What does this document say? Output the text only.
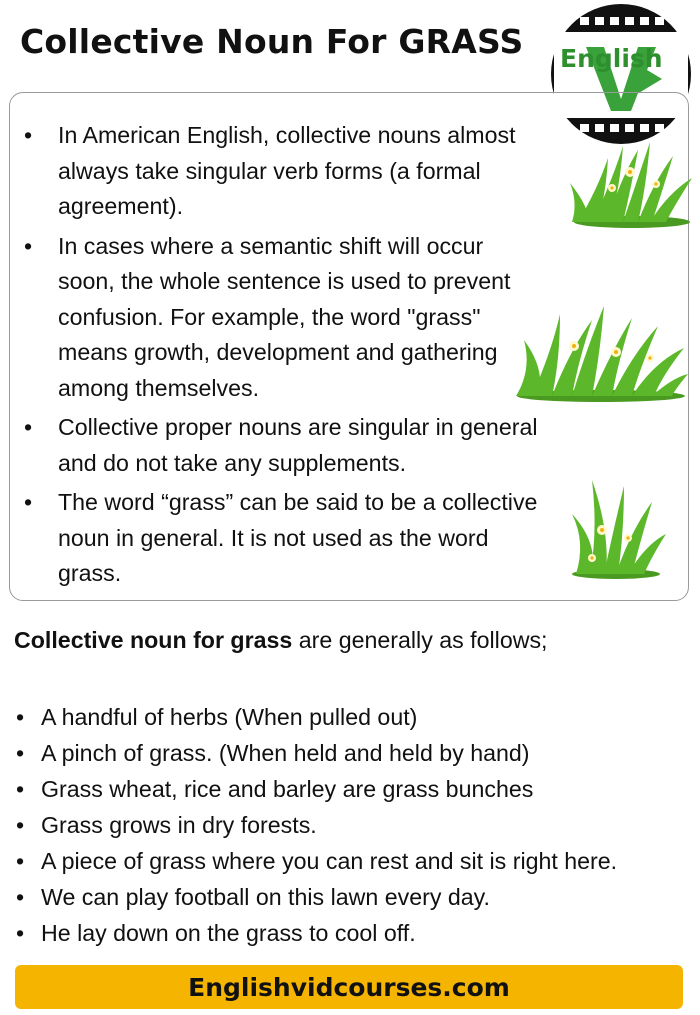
Collective Noun For GRASS English
• In American English, collective nouns almost always take singular verb forms (a formal agreement).
• In cases where a semantic shift will occur soon, the whole sentence is used to prevent confusion. For example, the word "grass" means growth, development and gathering among themselves.
• Collective proper nouns are singular in general and do not take any supplements.
• The word “grass” can be said to be a collective noun in general. It is not used as the word grass.
Collective noun for grass are generally as follows;
• A handful of herbs (When pulled out)
• A pinch of grass. (When held and held by hand)
• Grass wheat, rice and barley are grass bunches
• Grass grows in dry forests.
• A piece of grass where you can rest and sit is right here.
• We can play football on this lawn every day.
• He lay down on the grass to cool off.
Englishvidcourses.com
